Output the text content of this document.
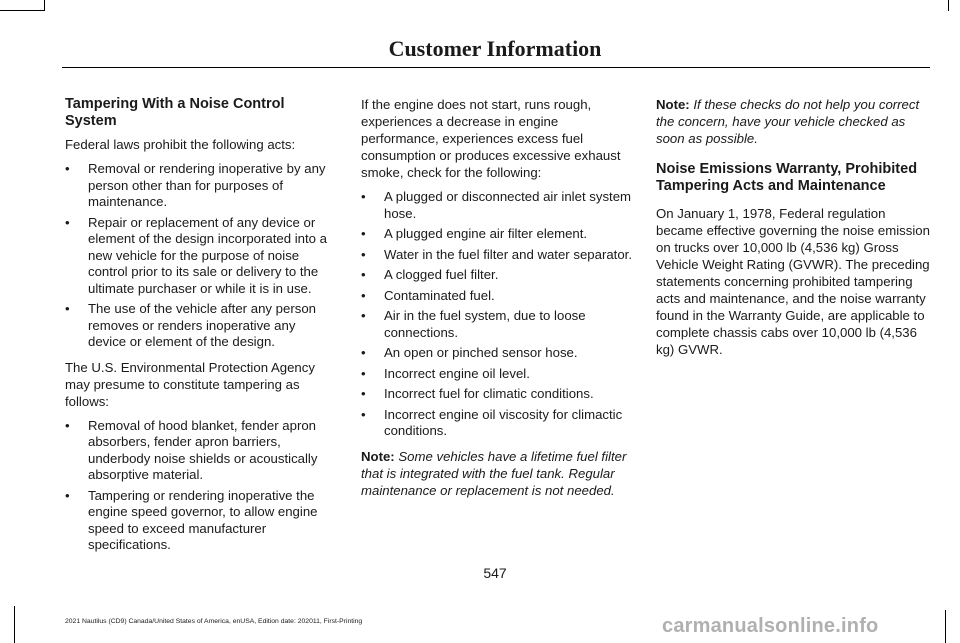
Customer Information
Tampering With a Noise Control System

Federal laws prohibit the following acts:

• Removal or rendering inoperative by any person other than for purposes of maintenance.
• Repair or replacement of any device or element of the design incorporated into a new vehicle for the purpose of noise control prior to its sale or delivery to the ultimate purchaser or while it is in use.
• The use of the vehicle after any person removes or renders inoperative any device or element of the design.

The U.S. Environmental Protection Agency may presume to constitute tampering as follows:

• Removal of hood blanket, fender apron absorbers, fender apron barriers, underbody noise shields or acoustically absorptive material.
• Tampering or rendering inoperative the engine speed governor, to allow engine speed to exceed manufacturer specifications.

If the engine does not start, runs rough, experiences a decrease in engine performance, experiences excess fuel consumption or produces excessive exhaust smoke, check for the following:

• A plugged or disconnected air inlet system hose.
• A plugged engine air filter element.
• Water in the fuel filter and water separator.
• A clogged fuel filter.
• Contaminated fuel.
• Air in the fuel system, due to loose connections.
• An open or pinched sensor hose.
• Incorrect engine oil level.
• Incorrect fuel for climatic conditions.
• Incorrect engine oil viscosity for climactic conditions.

Note: Some vehicles have a lifetime fuel filter that is integrated with the fuel tank. Regular maintenance or replacement is not needed.

Note: If these checks do not help you correct the concern, have your vehicle checked as soon as possible.

Noise Emissions Warranty, Prohibited Tampering Acts and Maintenance

On January 1, 1978, Federal regulation became effective governing the noise emission on trucks over 10,000 lb (4,536 kg) Gross Vehicle Weight Rating (GVWR). The preceding statements concerning prohibited tampering acts and maintenance, and the noise warranty found in the Warranty Guide, are applicable to complete chassis cabs over 10,000 lb (4,536 kg) GVWR.

547
2021 Nautilus (CD9) Canada/United States of America, enUSA, Edition date: 202011, First-Printing	carmanualsonline.info
